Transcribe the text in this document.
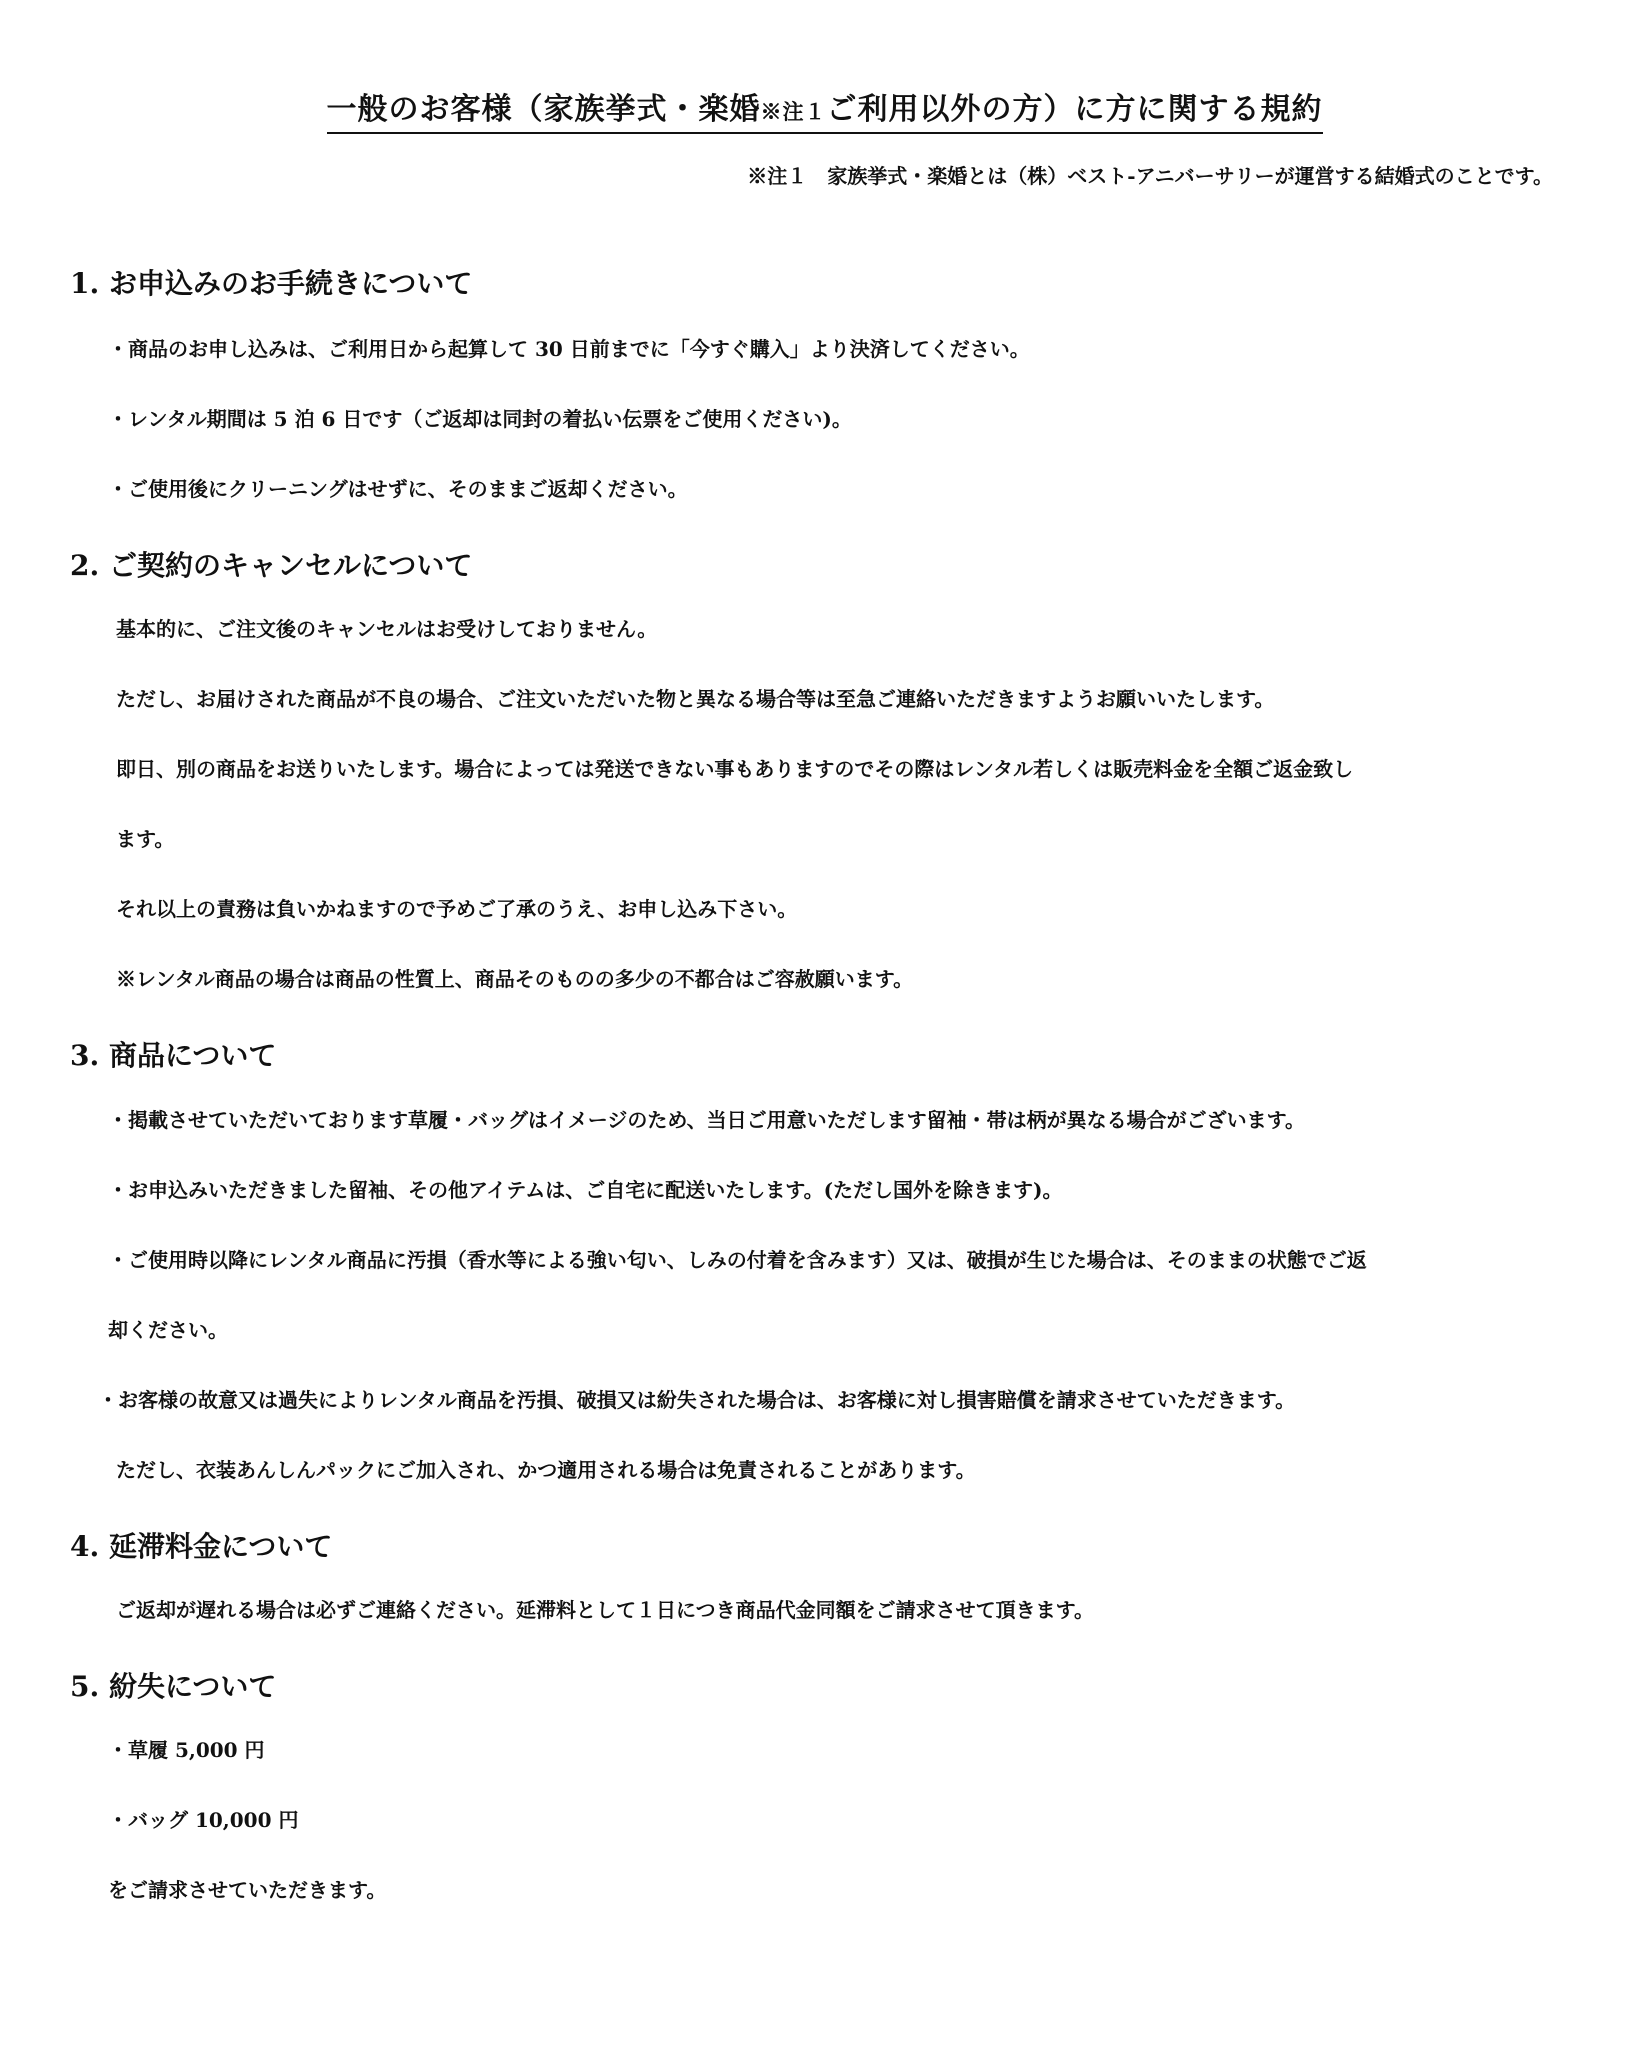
一般のお客様（家族挙式・楽婚※注１ご利用以外の方）に方に関する規約
※注１　家族挙式・楽婚とは（株）ベスト‐アニバーサリーが運営する結婚式のことです。
1. お申込みのお手続きについて
・商品のお申し込みは、ご利用日から起算して 30 日前までに「今すぐ購入」より決済してください。
・レンタル期間は 5 泊 6 日です（ご返却は同封の着払い伝票をご使用ください)。
・ご使用後にクリーニングはせずに、そのままご返却ください。
2. ご契約のキャンセルについて
基本的に、ご注文後のキャンセルはお受けしておりません。
ただし、お届けされた商品が不良の場合、ご注文いただいた物と異なる場合等は至急ご連絡いただきますようお願いいたします。
即日、別の商品をお送りいたします。場合によっては発送できない事もありますのでその際はレンタル若しくは販売料金を全額ご返金致し
ます。
それ以上の責務は負いかねますので予めご了承のうえ、お申し込み下さい。
※レンタル商品の場合は商品の性質上、商品そのものの多少の不都合はご容赦願います。
3. 商品について
・掲載させていただいております草履・バッグはイメージのため、当日ご用意いただします留袖・帯は柄が異なる場合がございます。
・お申込みいただきました留袖、その他アイテムは、ご自宅に配送いたします。(ただし国外を除きます)。
・ご使用時以降にレンタル商品に汚損（香水等による強い匂い、しみの付着を含みます）又は、破損が生じた場合は、そのままの状態でご返
却ください。
・お客様の故意又は過失によりレンタル商品を汚損、破損又は紛失された場合は、お客様に対し損害賠償を請求させていただきます。
ただし、衣装あんしんパックにご加入され、かつ適用される場合は免責されることがあります。
4. 延滞料金について
ご返却が遅れる場合は必ずご連絡ください。延滞料として１日につき商品代金同額をご請求させて頂きます。
5. 紛失について
・草履 5,000 円
・バッグ 10,000 円
をご請求させていただきます。
